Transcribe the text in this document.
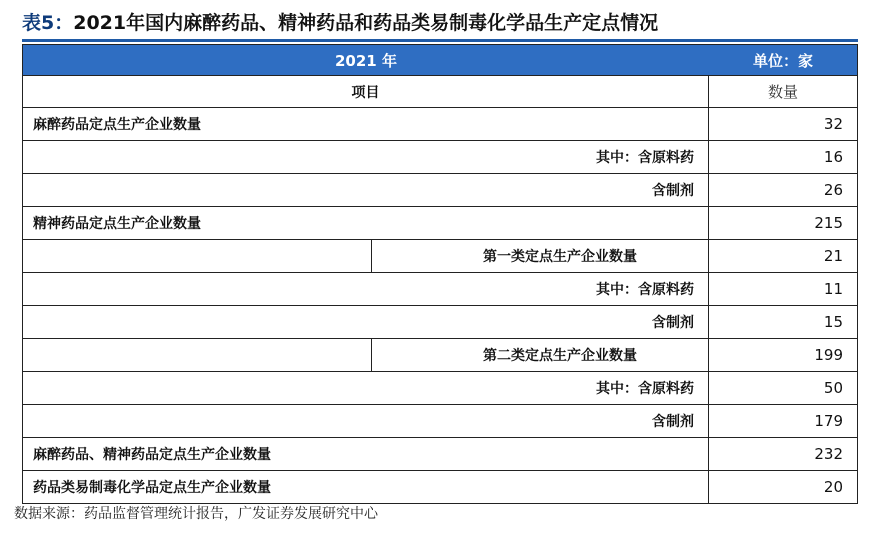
表5：2021年国内麻醉药品、精神药品和药品类易制毒化学品生产定点情况
2021 年	单位：家
项目	数量
麻醉药品定点生产企业数量	32
其中：含原料药	16
含制剂	26
精神药品定点生产企业数量	215
第一类定点生产企业数量	21
其中：含原料药	11
含制剂	15
第二类定点生产企业数量	199
其中：含原料药	50
含制剂	179
麻醉药品、精神药品定点生产企业数量	232
药品类易制毒化学品定点生产企业数量	20
数据来源：药品监督管理统计报告，广发证券发展研究中心
